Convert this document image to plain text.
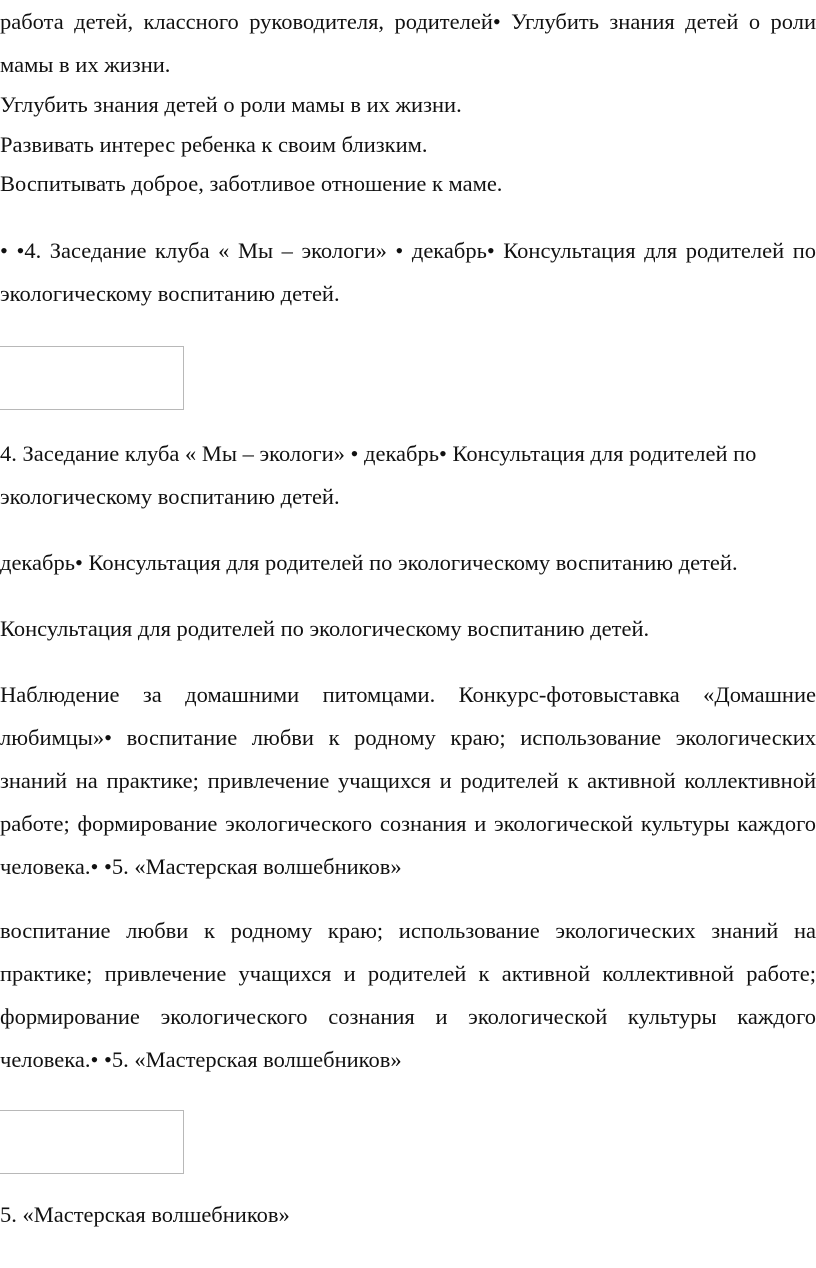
работа детей, классного руководителя, родителей• Углубить знания детей о роли мамы в их жизни.

Углубить знания детей о роли мамы в их жизни.

Развивать интерес ребенка к своим близким.

Воспитывать доброе, заботливое отношение к маме.

• •4. Заседание клуба « Мы – экологи» • декабрь• Консультация для родителей по экологическому воспитанию детей.

4. Заседание клуба « Мы – экологи» • декабрь• Консультация для родителей по экологическому воспитанию детей.

декабрь• Консультация для родителей по экологическому воспитанию детей.

Консультация для родителей по экологическому воспитанию детей.

Наблюдение за домашними питомцами. Конкурс-фотовыставка «Домашние любимцы»• воспитание любви к родному краю; использование экологических знаний на практике; привлечение учащихся и родителей к активной коллективной работе; формирование экологического сознания и экологической культуры каждого человека.• •5. «Мастерская волшебников»

воспитание любви к родному краю; использование экологических знаний на практике; привлечение учащихся и родителей к активной коллективной работе; формирование экологического сознания и экологической культуры каждого человека.• •5. «Мастерская волшебников»

5. «Мастерская волшебников»
